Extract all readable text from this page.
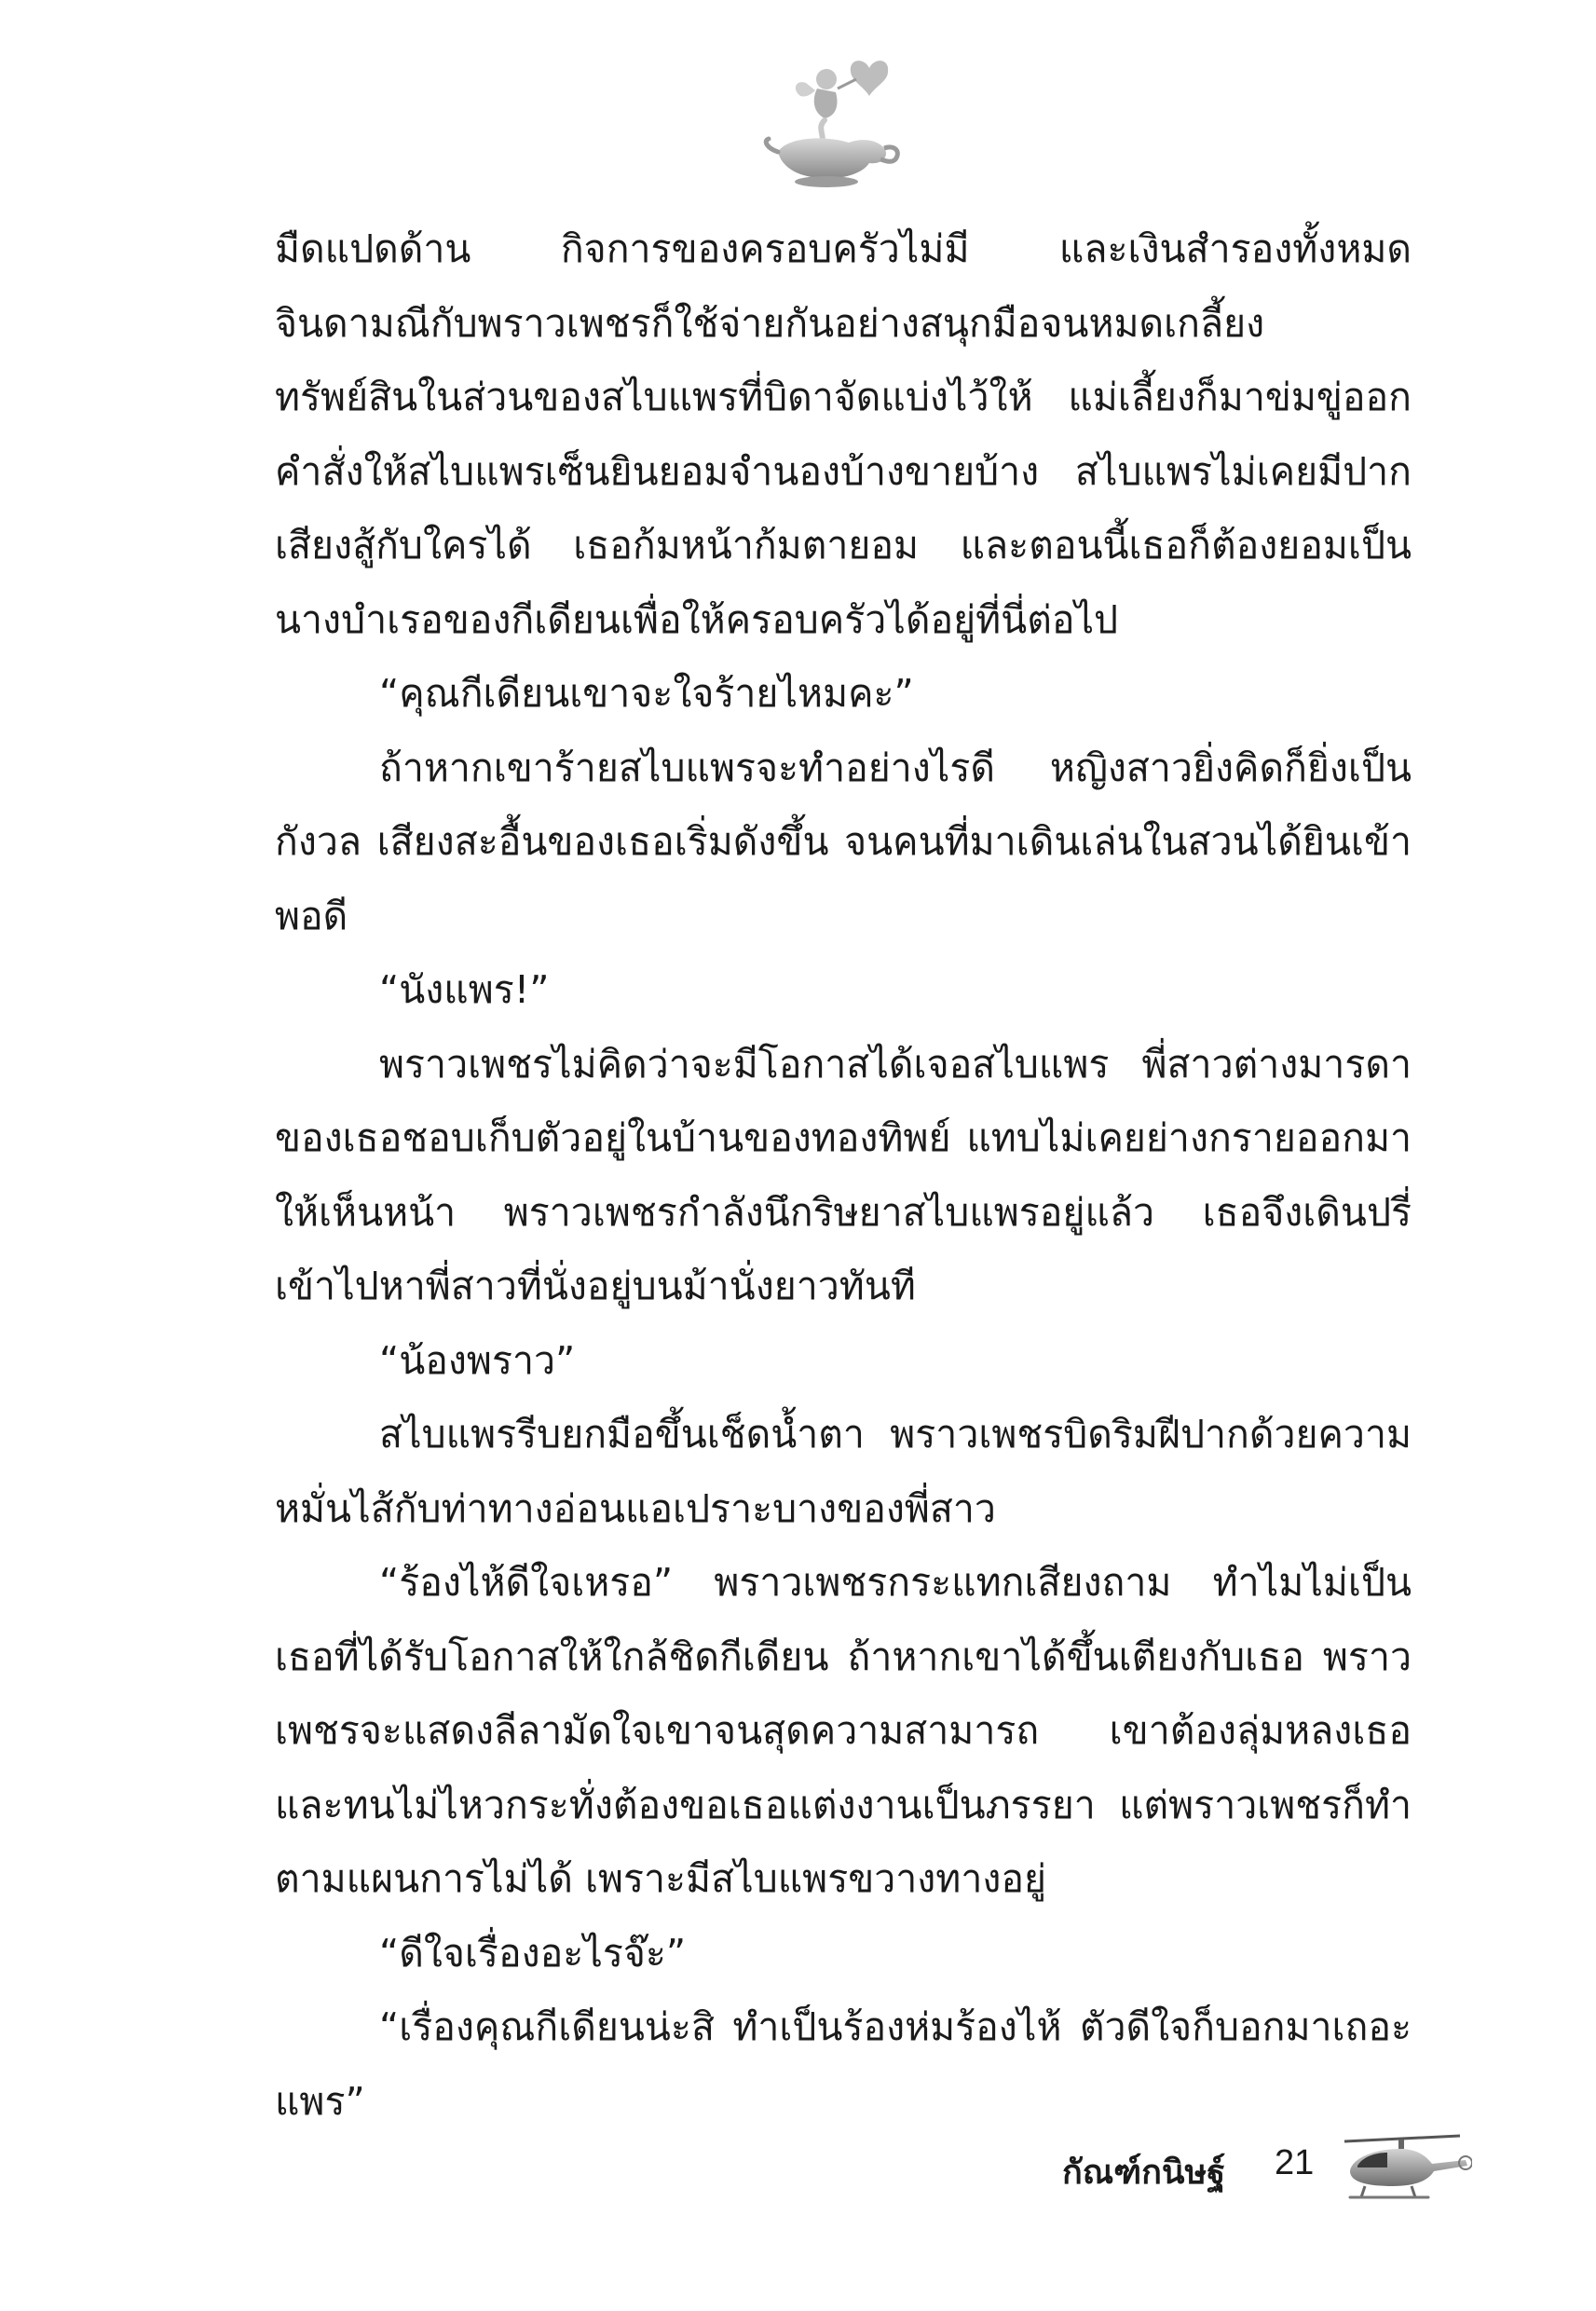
มืดแปดด้าน กิจการของครอบครัวไม่มี และเงินสำรองทั้งหมด จินดามณีกับพราวเพชรก็ใช้จ่ายกันอย่างสนุกมือจนหมดเกลี้ยง ทรัพย์สินในส่วนของสไบแพรที่บิดาจัดแบ่งไว้ให้ แม่เลี้ยงก็มาข่มขู่ออกคำสั่งให้สไบแพรเซ็นยินยอมจำนองบ้างขายบ้าง สไบแพรไม่เคยมีปากเสียงสู้กับใครได้ เธอก้มหน้าก้มตายอม และตอนนี้เธอก็ต้องยอมเป็นนางบำเรอของกีเดียนเพื่อให้ครอบครัวได้อยู่ที่นี่ต่อไป

“คุณกีเดียนเขาจะใจร้ายไหมคะ”

ถ้าหากเขาร้ายสไบแพรจะทำอย่างไรดี หญิงสาวยิ่งคิดก็ยิ่งเป็นกังวล เสียงสะอื้นของเธอเริ่มดังขึ้น จนคนที่มาเดินเล่นในสวนได้ยินเข้าพอดี

“นังแพร!”

พราวเพชรไม่คิดว่าจะมีโอกาสได้เจอสไบแพร พี่สาวต่างมารดาของเธอชอบเก็บตัวอยู่ในบ้านของทองทิพย์ แทบไม่เคยย่างกรายออกมาให้เห็นหน้า พราวเพชรกำลังนึกริษยาสไบแพรอยู่แล้ว เธอจึงเดินปรี่เข้าไปหาพี่สาวที่นั่งอยู่บนม้านั่งยาวทันที

“น้องพราว”

สไบแพรรีบยกมือขึ้นเช็ดน้ำตา พราวเพชรบิดริมฝีปากด้วยความหมั่นไส้กับท่าทางอ่อนแอเปราะบางของพี่สาว

“ร้องไห้ดีใจเหรอ” พราวเพชรกระแทกเสียงถาม ทำไมไม่เป็นเธอที่ได้รับโอกาสให้ใกล้ชิดกีเดียน ถ้าหากเขาได้ขึ้นเตียงกับเธอ พราวเพชรจะแสดงลีลามัดใจเขาจนสุดความสามารถ เขาต้องลุ่มหลงเธอ และทนไม่ไหวกระทั่งต้องขอเธอแต่งงานเป็นภรรยา แต่พราวเพชรก็ทำตามแผนการไม่ได้ เพราะมีสไบแพรขวางทางอยู่

“ดีใจเรื่องอะไรจ๊ะ”

“เรื่องคุณกีเดียนน่ะสิ ทำเป็นร้องห่มร้องไห้ ตัวดีใจก็บอกมาเถอะแพร”

กัณฑ์กนิษฐ์ 21
